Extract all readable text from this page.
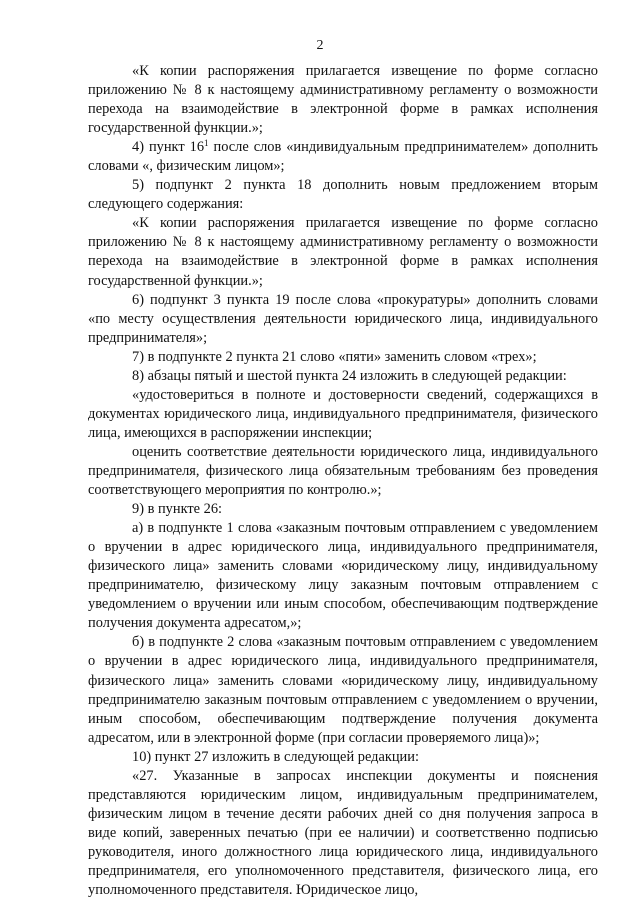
2

«К копии распоряжения прилагается извещение по форме согласно приложению № 8 к настоящему административному регламенту о возможности перехода на взаимодействие в электронной форме в рамках исполнения государственной функции.»;

4) пункт $16^1$ после слов «индивидуальным предпринимателем» дополнить словами «, физическим лицом»;

5) подпункт 2 пункта 18 дополнить новым предложением вторым следующего содержания:

«К копии распоряжения прилагается извещение по форме согласно приложению № 8 к настоящему административному регламенту о возможности перехода на взаимодействие в электронной форме в рамках исполнения государственной функции.»;

6) подпункт 3 пункта 19 после слова «прокуратуры» дополнить словами «по месту осуществления деятельности юридического лица, индивидуального предпринимателя»;

7) в подпункте 2 пункта 21 слово «пяти» заменить словом «трех»;

8) абзацы пятый и шестой пункта 24 изложить в следующей редакции:

«удостовериться в полноте и достоверности сведений, содержащихся в документах юридического лица, индивидуального предпринимателя, физического лица, имеющихся в распоряжении инспекции;

оценить соответствие деятельности юридического лица, индивидуального предпринимателя, физического лица обязательным требованиям без проведения соответствующего мероприятия по контролю.»;

9) в пункте 26:

а) в подпункте 1 слова «заказным почтовым отправлением с уведомлением о вручении в адрес юридического лица, индивидуального предпринимателя, физического лица» заменить словами «юридическому лицу, индивидуальному предпринимателю, физическому лицу заказным почтовым отправлением с уведомлением о вручении или иным способом, обеспечивающим подтверждение получения документа адресатом,»;

б) в подпункте 2 слова «заказным почтовым отправлением с уведомлением о вручении в адрес юридического лица, индивидуального предпринимателя, физического лица» заменить словами «юридическому лицу, индивидуальному предпринимателю заказным почтовым отправлением с уведомлением о вручении, иным способом, обеспечивающим подтверждение получения документа адресатом, или в электронной форме (при согласии проверяемого лица)»;

10) пункт 27 изложить в следующей редакции:

«27. Указанные в запросах инспекции документы и пояснения представляются юридическим лицом, индивидуальным предпринимателем, физическим лицом в течение десяти рабочих дней со дня получения запроса в виде копий, заверенных печатью (при ее наличии) и соответственно подписью руководителя, иного должностного лица юридического лица, индивидуального предпринимателя, его уполномоченного представителя, физического лица, его уполномоченного представителя. Юридическое лицо,
